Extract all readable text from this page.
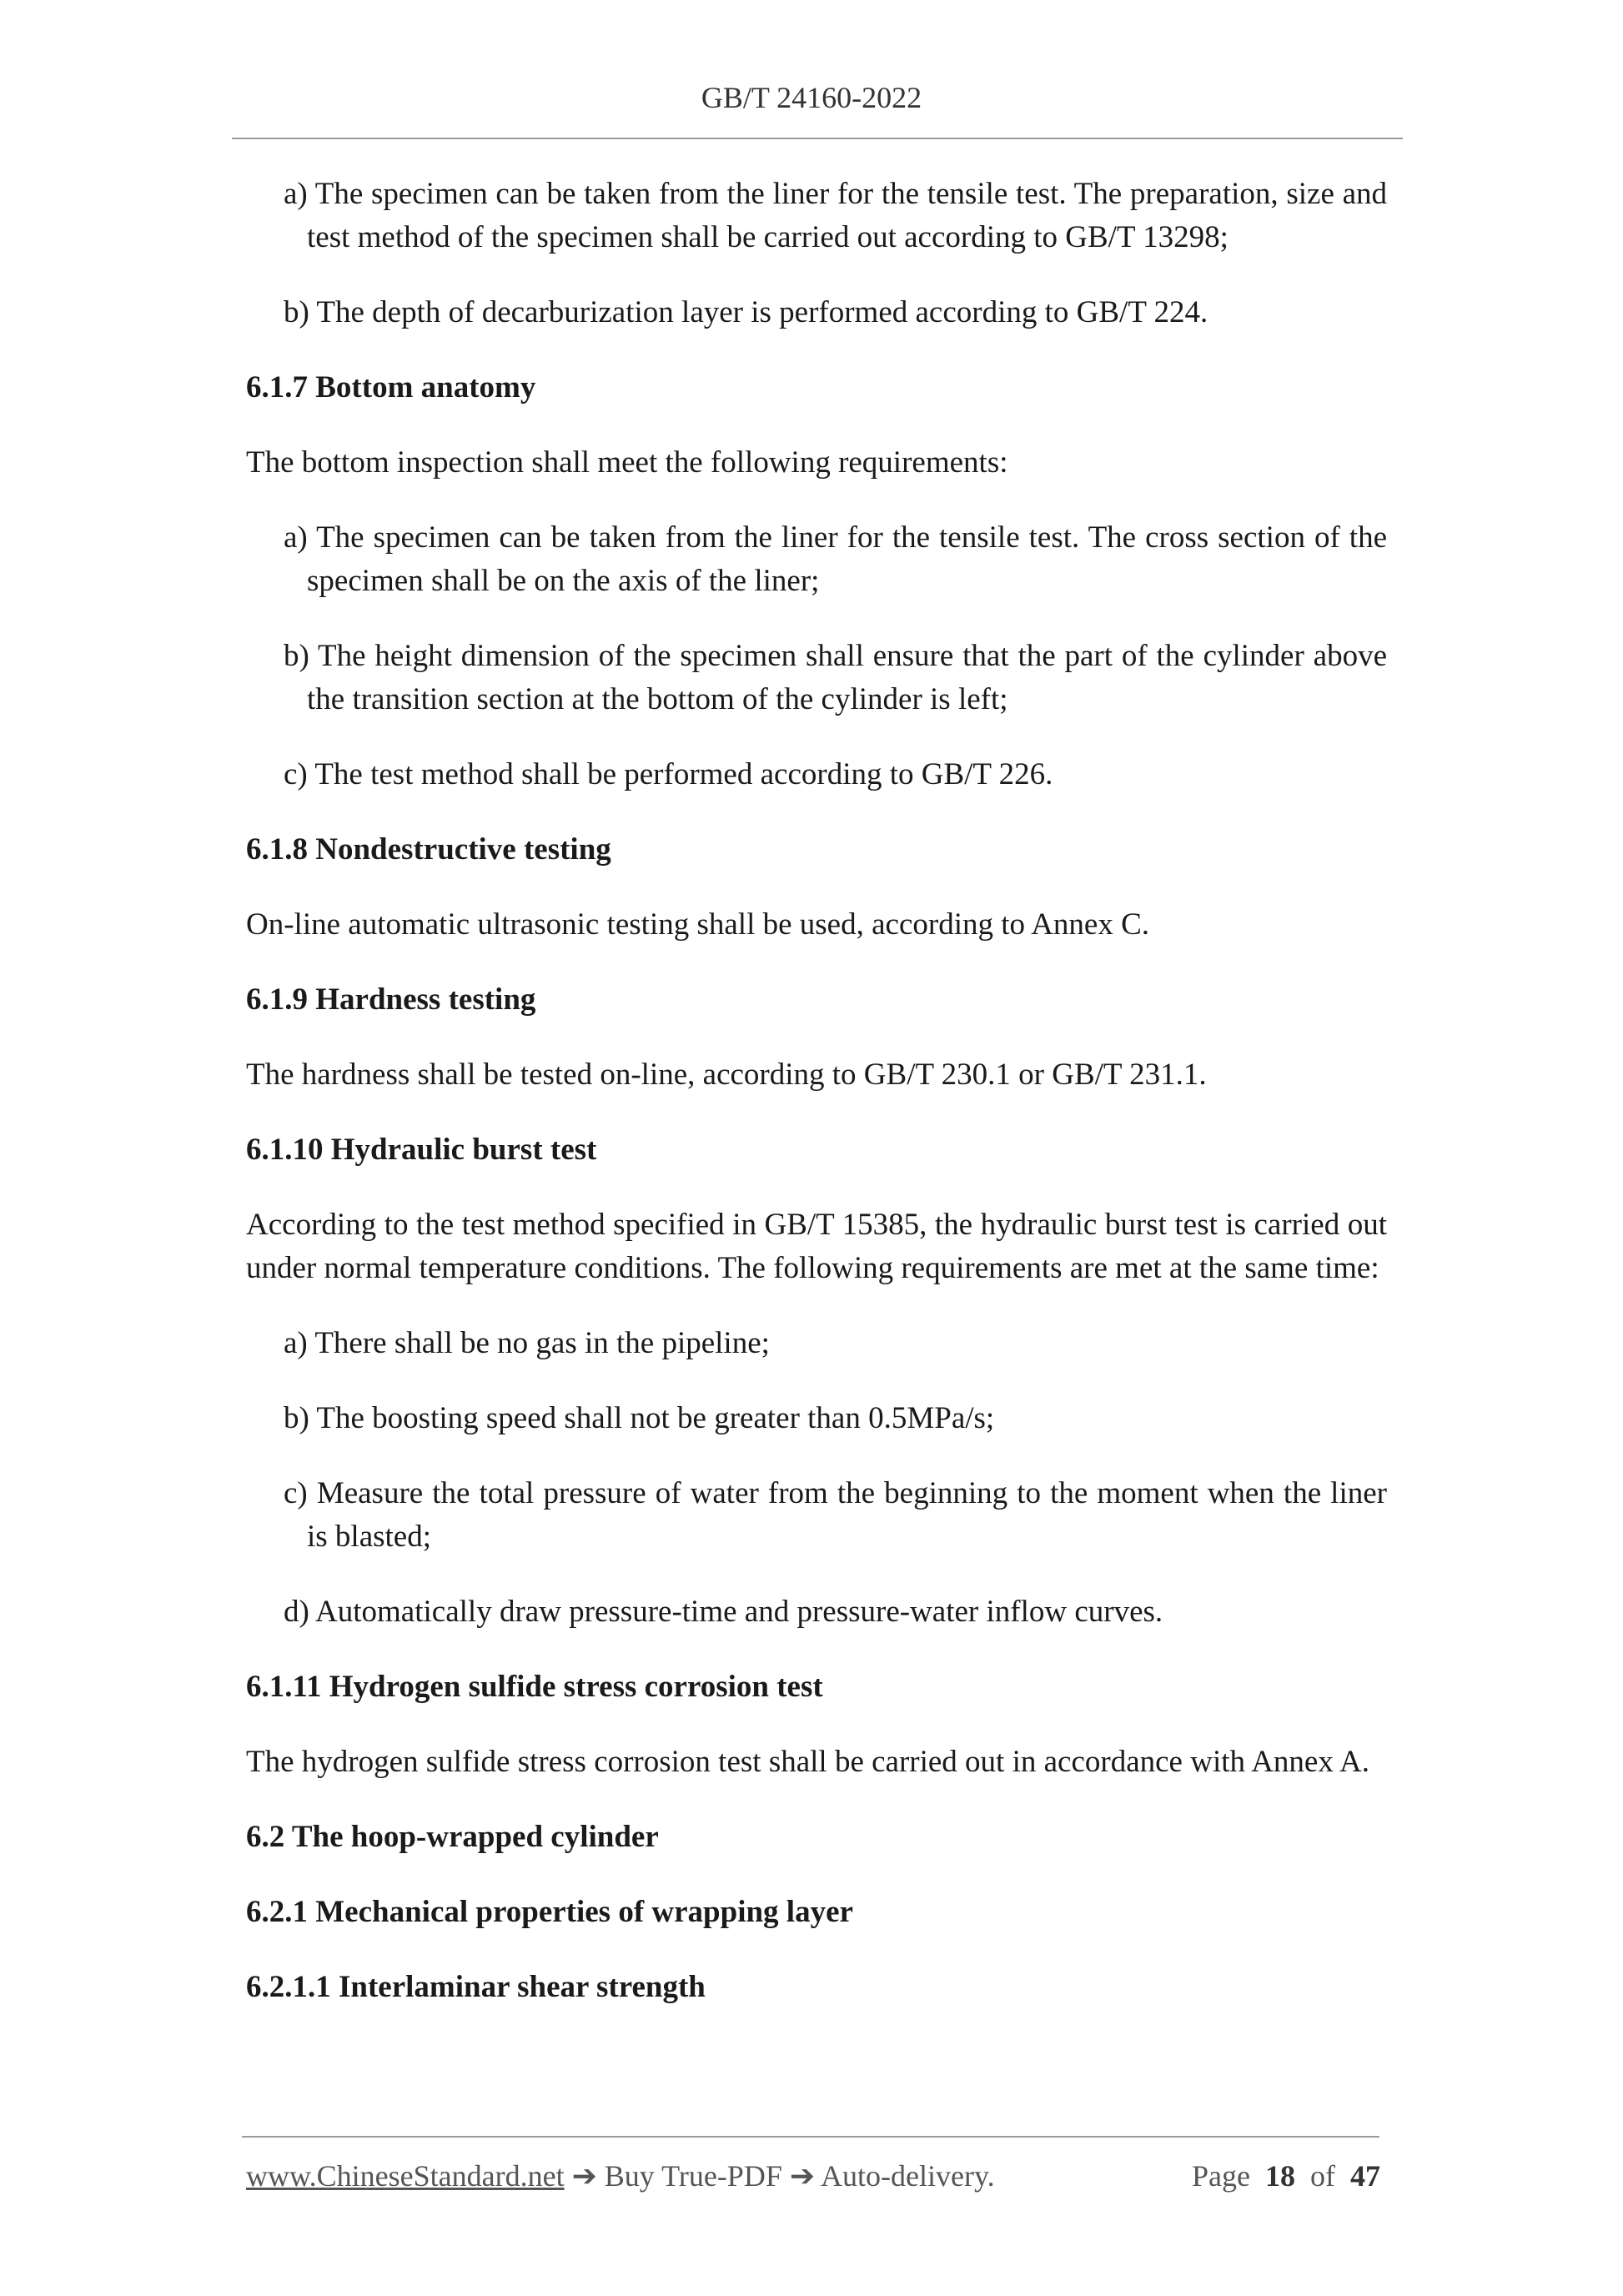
GB/T 24160-2022

a) The specimen can be taken from the liner for the tensile test. The preparation, size and test method of the specimen shall be carried out according to GB/T 13298;

b) The depth of decarburization layer is performed according to GB/T 224.

6.1.7 Bottom anatomy

The bottom inspection shall meet the following requirements:

a) The specimen can be taken from the liner for the tensile test. The cross section of the specimen shall be on the axis of the liner;

b) The height dimension of the specimen shall ensure that the part of the cylinder above the transition section at the bottom of the cylinder is left;

c) The test method shall be performed according to GB/T 226.

6.1.8 Nondestructive testing

On-line automatic ultrasonic testing shall be used, according to Annex C.

6.1.9 Hardness testing

The hardness shall be tested on-line, according to GB/T 230.1 or GB/T 231.1.

6.1.10 Hydraulic burst test

According to the test method specified in GB/T 15385, the hydraulic burst test is carried out under normal temperature conditions. The following requirements are met at the same time:

a) There shall be no gas in the pipeline;

b) The boosting speed shall not be greater than 0.5MPa/s;

c) Measure the total pressure of water from the beginning to the moment when the liner is blasted;

d) Automatically draw pressure-time and pressure-water inflow curves.

6.1.11 Hydrogen sulfide stress corrosion test

The hydrogen sulfide stress corrosion test shall be carried out in accordance with Annex A.

6.2 The hoop-wrapped cylinder

6.2.1 Mechanical properties of wrapping layer

6.2.1.1 Interlaminar shear strength

www.ChineseStandard.net ➔ Buy True-PDF ➔ Auto-delivery.	Page 18 of 47
